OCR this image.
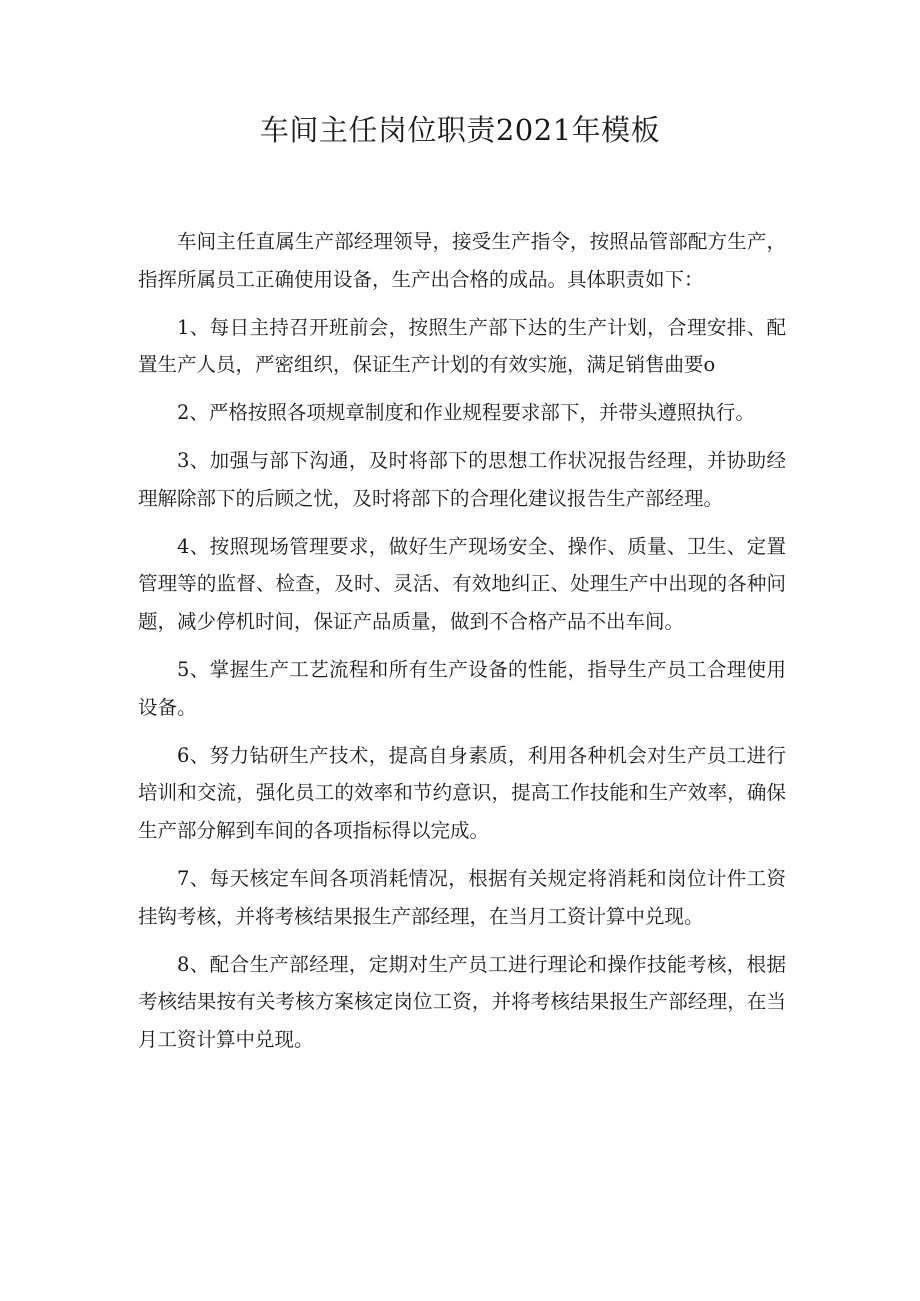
车间主任岗位职责2021年模板

车间主任直属生产部经理领导，接受生产指令，按照品管部配方生产，指挥所属员工正确使用设备，生产出合格的成品。具体职责如下：

1、每日主持召开班前会，按照生产部下达的生产计划，合理安排、配置生产人员，严密组织，保证生产计划的有效实施，满足销售曲要o

2、严格按照各项规章制度和作业规程要求部下，并带头遵照执行。

3、加强与部下沟通，及时将部下的思想工作状况报告经理，并协助经理解除部下的后顾之忧，及时将部下的合理化建议报告生产部经理。

4、按照现场管理要求，做好生产现场安全、操作、质量、卫生、定置管理等的监督、检查，及时、灵活、有效地纠正、处理生产中出现的各种问题，减少停机时间，保证产品质量，做到不合格产品不出车间。

5、掌握生产工艺流程和所有生产设备的性能，指导生产员工合理使用设备。

6、努力钻研生产技术，提高自身素质，利用各种机会对生产员工进行培训和交流，强化员工的效率和节约意识，提高工作技能和生产效率，确保生产部分解到车间的各项指标得以完成。

7、每天核定车间各项消耗情况，根据有关规定将消耗和岗位计件工资挂钩考核，并将考核结果报生产部经理，在当月工资计算中兑现。

8、配合生产部经理，定期对生产员工进行理论和操作技能考核，根据考核结果按有关考核方案核定岗位工资，并将考核结果报生产部经理，在当月工资计算中兑现。
